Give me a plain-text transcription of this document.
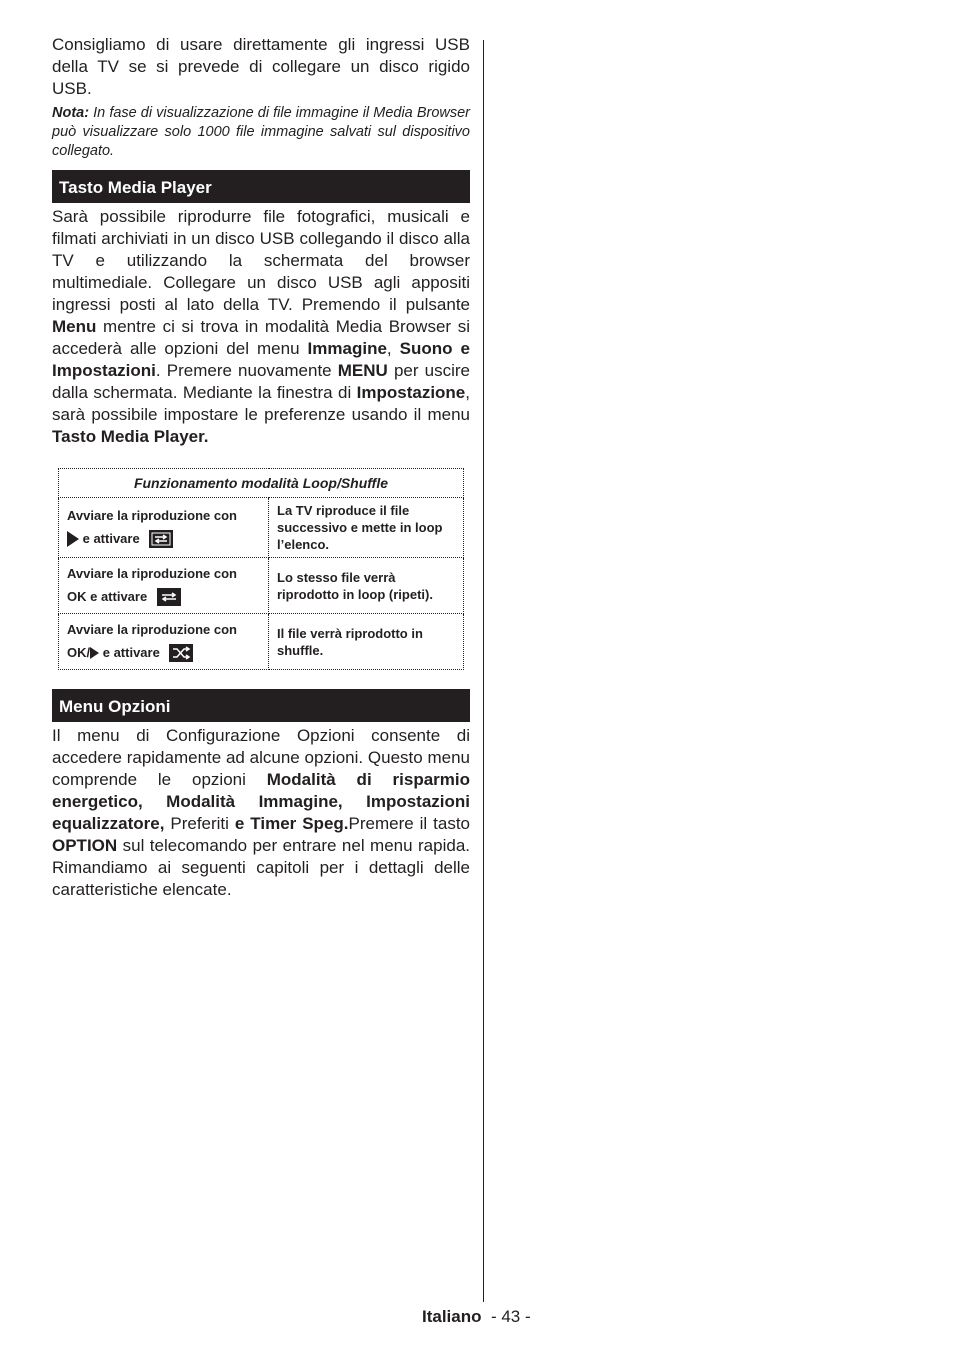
Consigliamo di usare direttamente gli ingressi USB della TV se si prevede di collegare un disco rigido USB.

Nota: In fase di visualizzazione di file immagine il Media Browser può visualizzare solo 1000 file immagine salvati sul dispositivo collegato.

Tasto Media Player

Sarà possibile riprodurre file fotografici, musicali e filmati archiviati in un disco USB collegando il disco alla TV e utilizzando la schermata del browser multimediale. Collegare un disco USB agli appositi ingressi posti al lato della TV. Premendo il pulsante Menu mentre ci si trova in modalità Media Browser si accederà alle opzioni del menu Immagine, Suono e Impostazioni. Premere nuovamente MENU per uscire dalla schermata. Mediante la finestra di Impostazione, sarà possibile impostare le preferenze usando il menu Tasto Media Player.

Funzionamento modalità Loop/Shuffle	

Avviare la riproduzione con
e attivare	La TV riproduce il file successivo e mette in loop l’elenco.

Avviare la riproduzione con
OK e attivare	Lo stesso file verrà riprodotto in loop (ripeti).

Avviare la riproduzione con
OK/ e attivare	Il file verrà riprodotto in shuffle.
Menu Opzioni

Il menu di Configurazione Opzioni consente di accedere rapidamente ad alcune opzioni. Questo menu comprende le opzioni Modalità di risparmio energetico, Modalità Immagine, Impostazioni equalizzatore, Preferiti e Timer Speg.Premere il tasto OPTION sul telecomando per entrare nel menu rapida. Rimandiamo ai seguenti capitoli per i dettagli delle caratteristiche elencate.

Italiano  - 43 -
